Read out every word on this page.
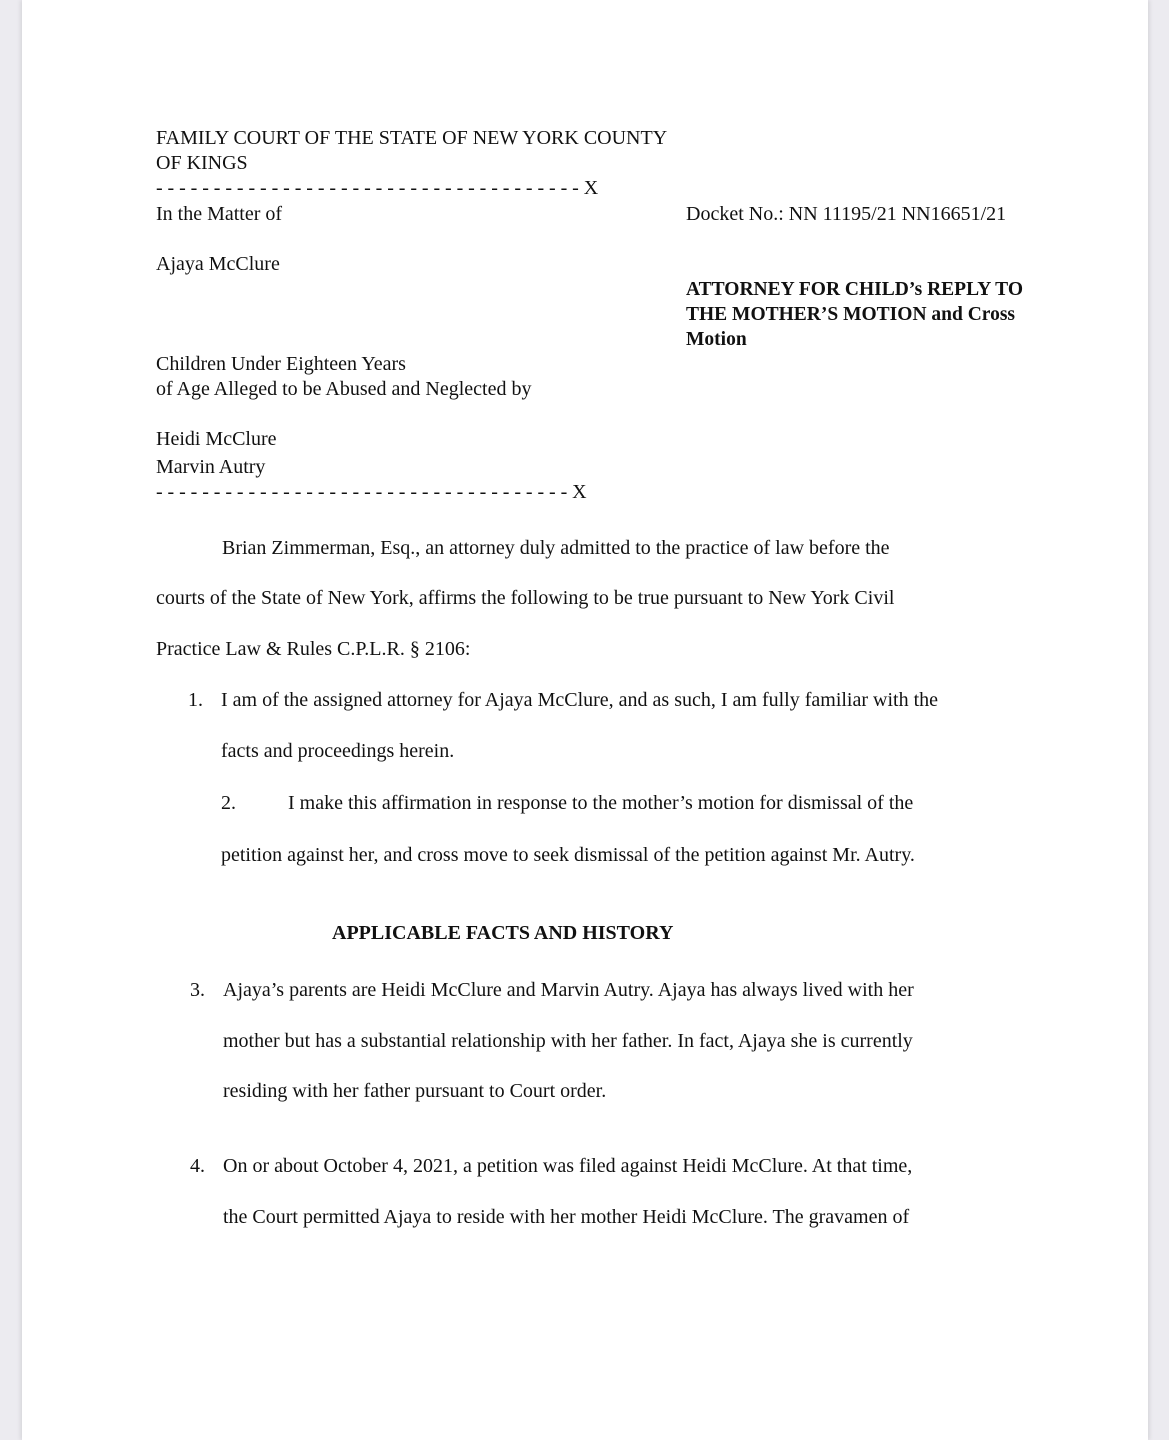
FAMILY COURT OF THE STATE OF NEW YORK COUNTY
OF KINGS
-------------------------------------X
In the Matter of	Docket No.: NN 11195/21 NN16651/21
Ajaya McClure
ATTORNEY FOR CHILD’s REPLY TO
THE MOTHER’S MOTION and Cross
Motion
Children Under Eighteen Years
of Age Alleged to be Abused and Neglected by
Heidi McClure
Marvin Autry
------------------------------------X
Brian Zimmerman, Esq., an attorney duly admitted to the practice of law before the
courts of the State of New York, affirms the following to be true pursuant to New York Civil
Practice Law & Rules C.P.L.R. § 2106:
1. I am of the assigned attorney for Ajaya McClure, and as such, I am fully familiar with the
facts and proceedings herein.
2.	I make this affirmation in response to the mother’s motion for dismissal of the
petition against her, and cross move to seek dismissal of the petition against Mr. Autry.
APPLICABLE FACTS AND HISTORY
3. Ajaya’s parents are Heidi McClure and Marvin Autry. Ajaya has always lived with her
mother but has a substantial relationship with her father. In fact, Ajaya she is currently
residing with her father pursuant to Court order.
4. On or about October 4, 2021, a petition was filed against Heidi McClure. At that time,
the Court permitted Ajaya to reside with her mother Heidi McClure. The gravamen of
